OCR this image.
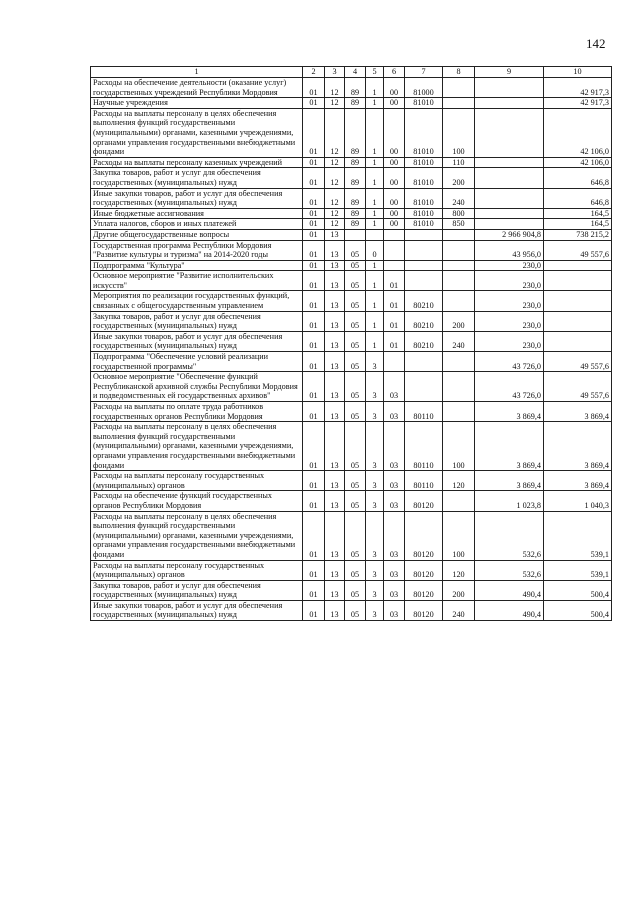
142
1	2	3	4	5	6	7	8	9	10
Расходы на обеспечение деятельности (оказание услуг) государственных учреждений Республики Мордовия	01	12	89	1	00	81000			42 917,3
Научные учреждения	01	12	89	1	00	81010			42 917,3
Расходы на выплаты персоналу в целях обеспечения выполнения функций государственными (муниципальными) органами, казенными учреждениями, органами управления государственными внебюджетными фондами	01	12	89	1	00	81010	100		42 106,0
Расходы на выплаты персоналу казенных учреждений	01	12	89	1	00	81010	110		42 106,0
Закупка товаров, работ и услуг для обеспечения государственных (муниципальных) нужд	01	12	89	1	00	81010	200		646,8
Иные закупки товаров, работ и услуг для обеспечения государственных (муниципальных) нужд	01	12	89	1	00	81010	240		646,8
Иные бюджетные ассигнования	01	12	89	1	00	81010	800		164,5
Уплата налогов, сборов и иных платежей	01	12	89	1	00	81010	850		164,5
Другие общегосударственные вопросы	01	13						2 966 904,8	738 215,2
Государственная программа Республики Мордовия "Развитие культуры и туризма" на 2014-2020 годы	01	13	05	0				43 956,0	49 557,6
Подпрограмма "Культура"	01	13	05	1				230,0	
Основное мероприятие "Развитие исполнительских искусств"	01	13	05	1	01			230,0	
Мероприятия по реализации государственных функций, связанных с общегосударственным управлением	01	13	05	1	01	80210		230,0	
Закупка товаров, работ и услуг для обеспечения государственных (муниципальных) нужд	01	13	05	1	01	80210	200	230,0	
Иные закупки товаров, работ и услуг для обеспечения государственных (муниципальных) нужд	01	13	05	1	01	80210	240	230,0	
Подпрограмма "Обеспечение условий реализации государственной программы"	01	13	05	3				43 726,0	49 557,6
Основное мероприятие "Обеспечение функций Республиканской архивной службы Республики Мордовия и подведомственных ей государственных архивов"	01	13	05	3	03			43 726,0	49 557,6
Расходы на выплаты по оплате труда работников государственных органов Республики Мордовия	01	13	05	3	03	80110		3 869,4	3 869,4
Расходы на выплаты персоналу в целях обеспечения выполнения функций государственными (муниципальными) органами, казенными учреждениями, органами управления государственными внебюджетными фондами	01	13	05	3	03	80110	100	3 869,4	3 869,4
Расходы на выплаты персоналу государственных (муниципальных) органов	01	13	05	3	03	80110	120	3 869,4	3 869,4
Расходы на обеспечение функций государственных органов Республики Мордовия	01	13	05	3	03	80120		1 023,8	1 040,3
Расходы на выплаты персоналу в целях обеспечения выполнения функций государственными (муниципальными) органами, казенными учреждениями, органами управления государственными внебюджетными фондами	01	13	05	3	03	80120	100	532,6	539,1
Расходы на выплаты персоналу государственных (муниципальных) органов	01	13	05	3	03	80120	120	532,6	539,1
Закупка товаров, работ и услуг для обеспечения государственных (муниципальных) нужд	01	13	05	3	03	80120	200	490,4	500,4
Иные закупки товаров, работ и услуг для обеспечения государственных (муниципальных) нужд	01	13	05	3	03	80120	240	490,4	500,4
